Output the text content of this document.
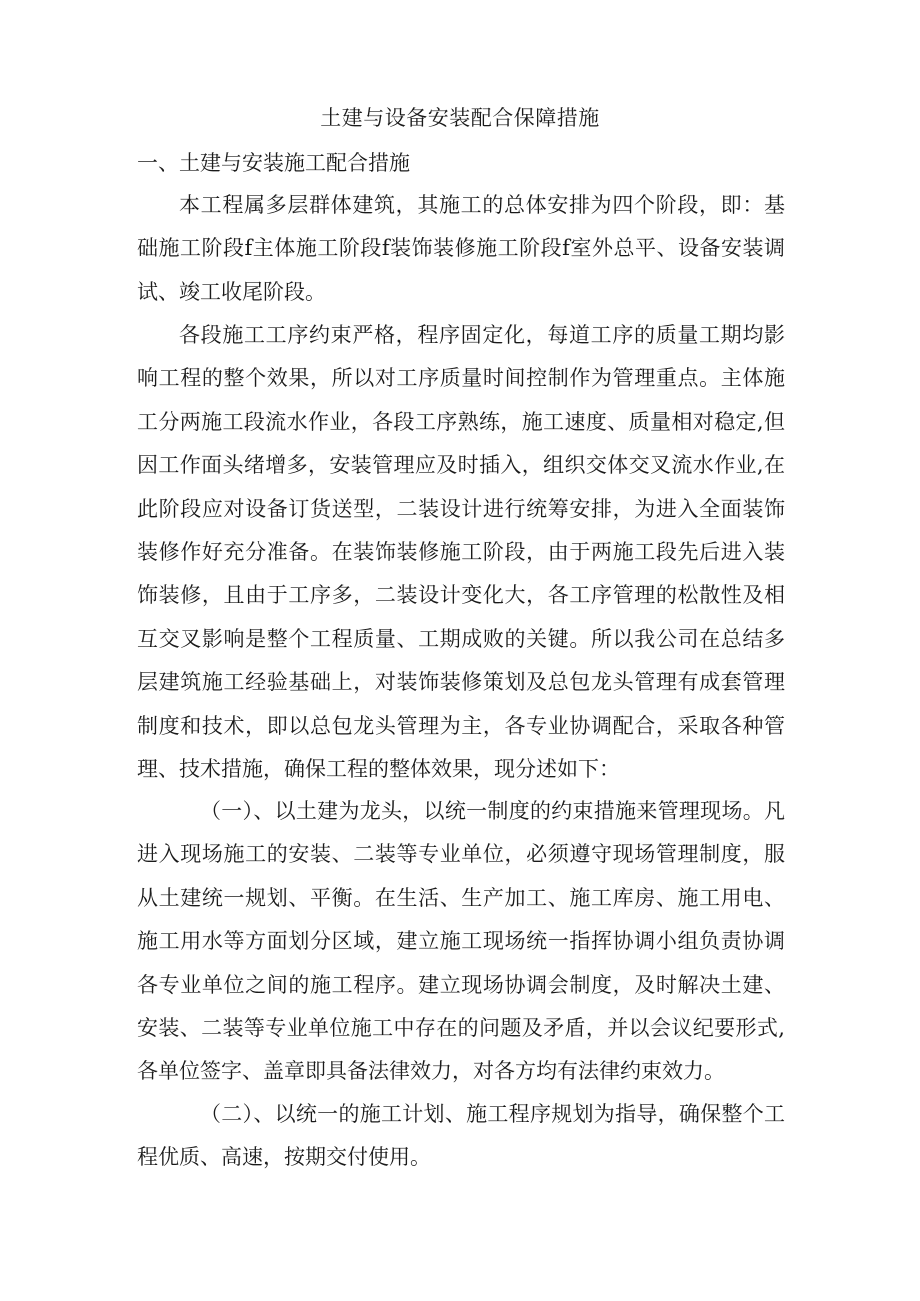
土建与设备安装配合保障措施
一、土建与安装施工配合措施

本工程属多层群体建筑，其施工的总体安排为四个阶段，即：基础施工阶段f主体施工阶段f装饰装修施工阶段f室外总平、设备安装调试、竣工收尾阶段。

各段施工工序约束严格，程序固定化，每道工序的质量工期均影响工程的整个效果，所以对工序质量时间控制作为管理重点。主体施工分两施工段流水作业，各段工序熟练，施工速度、质量相对稳定,但因工作面头绪增多，安装管理应及时插入，组织交体交叉流水作业,在此阶段应对设备订货送型，二装设计进行统筹安排，为进入全面装饰装修作好充分准备。在装饰装修施工阶段，由于两施工段先后进入装饰装修，且由于工序多，二装设计变化大，各工序管理的松散性及相互交叉影响是整个工程质量、工期成败的关键。所以我公司在总结多层建筑施工经验基础上，对装饰装修策划及总包龙头管理有成套管理制度和技术，即以总包龙头管理为主，各专业协调配合，采取各种管理、技术措施，确保工程的整体效果，现分述如下：

（一）、以土建为龙头，以统一制度的约束措施来管理现场。凡进入现场施工的安装、二装等专业单位，必须遵守现场管理制度，服从土建统一规划、平衡。在生活、生产加工、施工库房、施工用电、施工用水等方面划分区域，建立施工现场统一指挥协调小组负责协调各专业单位之间的施工程序。建立现场协调会制度，及时解决土建、安装、二装等专业单位施工中存在的问题及矛盾，并以会议纪要形式,各单位签字、盖章即具备法律效力，对各方均有法律约束效力。

（二）、以统一的施工计划、施工程序规划为指导，确保整个工程优质、高速，按期交付使用。
